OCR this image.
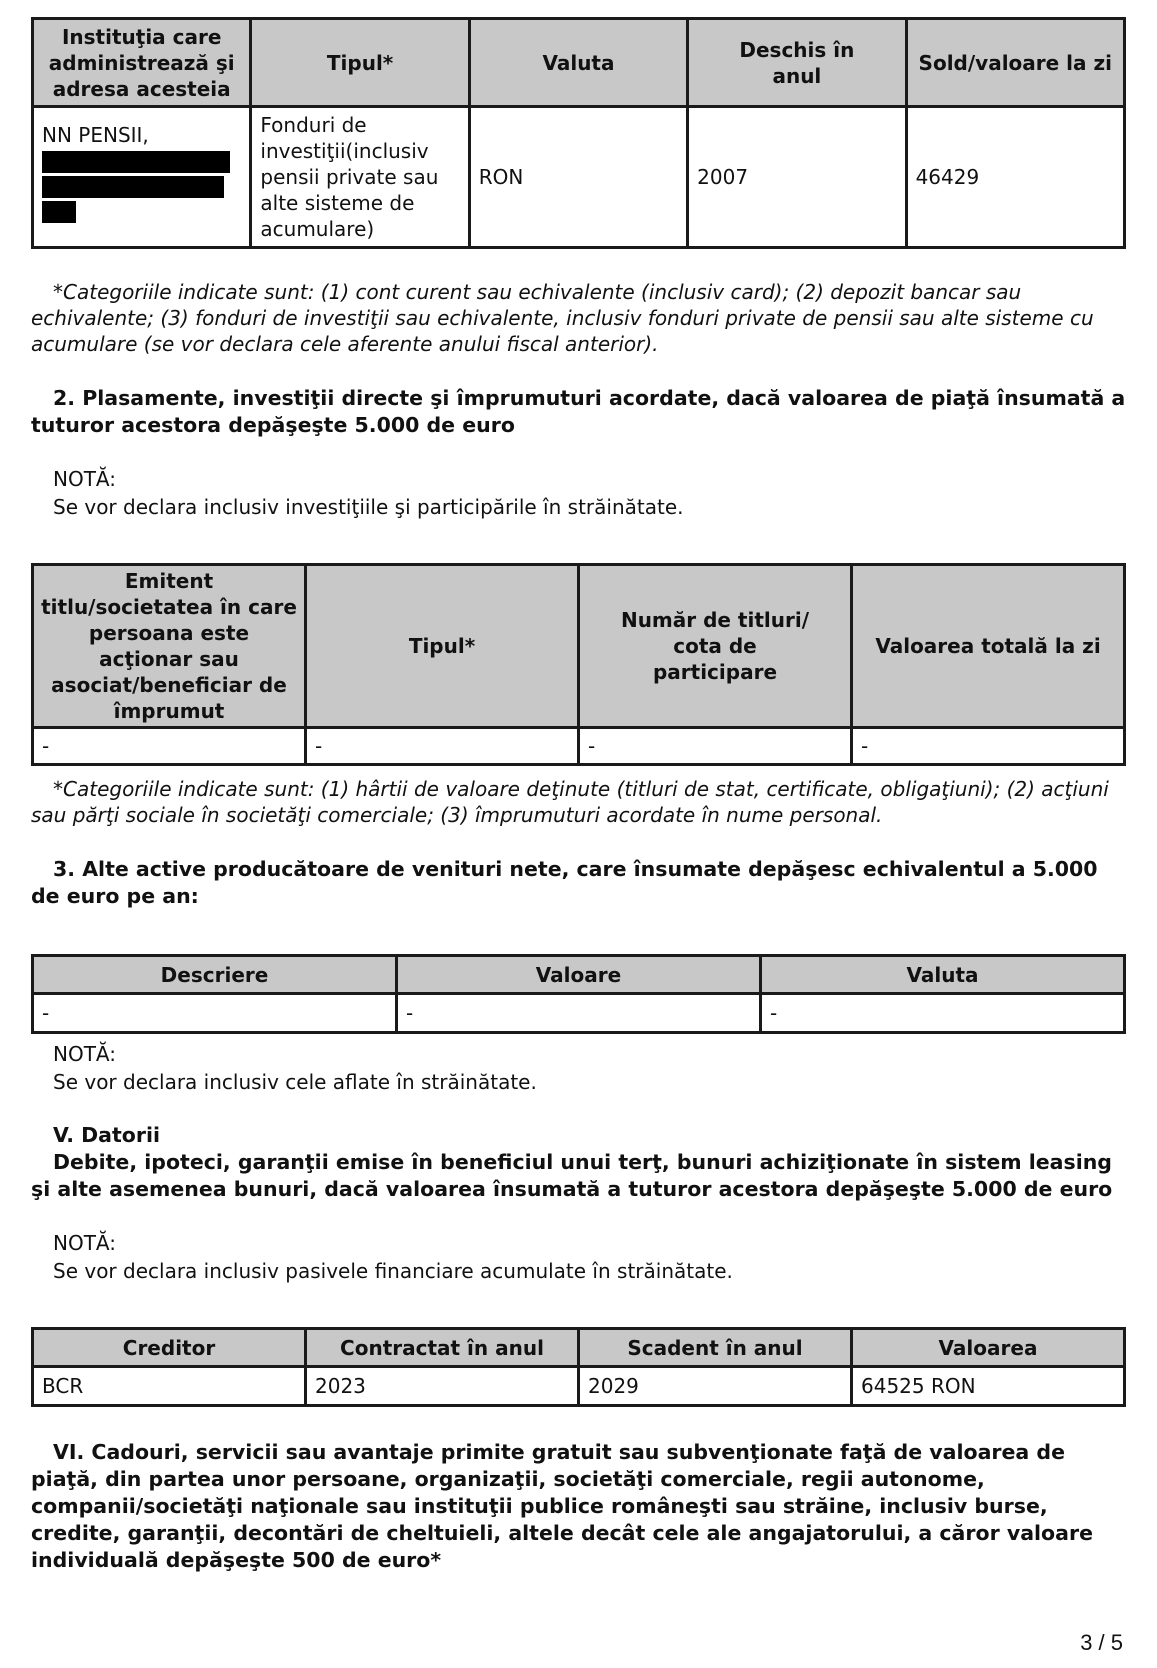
Instituţia care administrează şi adresa acesteia	Tipul*	Valuta	Deschis în anul	Sold/valoare la zi

NN PENSII,	Fonduri de investiţii(inclusiv pensii private sau alte sisteme de acumulare)	RON	2007	46429
*Categoriile indicate sunt: (1) cont curent sau echivalente (inclusiv card); (2) depozit bancar sau echivalente; (3) fonduri de investiţii sau echivalente, inclusiv fonduri private de pensii sau alte sisteme cu acumulare (se vor declara cele aferente anului fiscal anterior).
2. Plasamente, investiţii directe şi împrumuturi acordate, dacă valoarea de piaţă însumată a tuturor acestora depăşeşte 5.000 de euro
NOTĂ:
Se vor declara inclusiv investiţiile şi participările în străinătate.
Emitent titlu/societatea în care persoana este acţionar sau asociat/beneficiar de împrumut	Tipul*	Număr de titluri/ cota de participare	Valoarea totală la zi
-	-	-	-
*Categoriile indicate sunt: (1) hârtii de valoare deţinute (titluri de stat, certificate, obligaţiuni); (2) acţiuni sau părţi sociale în societăţi comerciale; (3) împrumuturi acordate în nume personal.
3. Alte active producătoare de venituri nete, care însumate depăşesc echivalentul a 5.000 de euro pe an:
Descriere	Valoare	Valuta
-	-	-
NOTĂ:
Se vor declara inclusiv cele aflate în străinătate.
V. Datorii
Debite, ipoteci, garanţii emise în beneficiul unui terţ, bunuri achiziţionate în sistem leasing şi alte asemenea bunuri, dacă valoarea însumată a tuturor acestora depăşeşte 5.000 de euro
NOTĂ:
Se vor declara inclusiv pasivele financiare acumulate în străinătate.
Creditor	Contractat în anul	Scadent în anul	Valoarea
BCR	2023	2029	64525 RON
VI. Cadouri, servicii sau avantaje primite gratuit sau subvenţionate faţă de valoarea de piaţă, din partea unor persoane, organizaţii, societăţi comerciale, regii autonome, companii/societăţi naţionale sau instituţii publice româneşti sau străine, inclusiv burse, credite, garanţii, decontări de cheltuieli, altele decât cele ale angajatorului, a căror valoare individuală depăşeşte 500 de euro*
3 / 5
